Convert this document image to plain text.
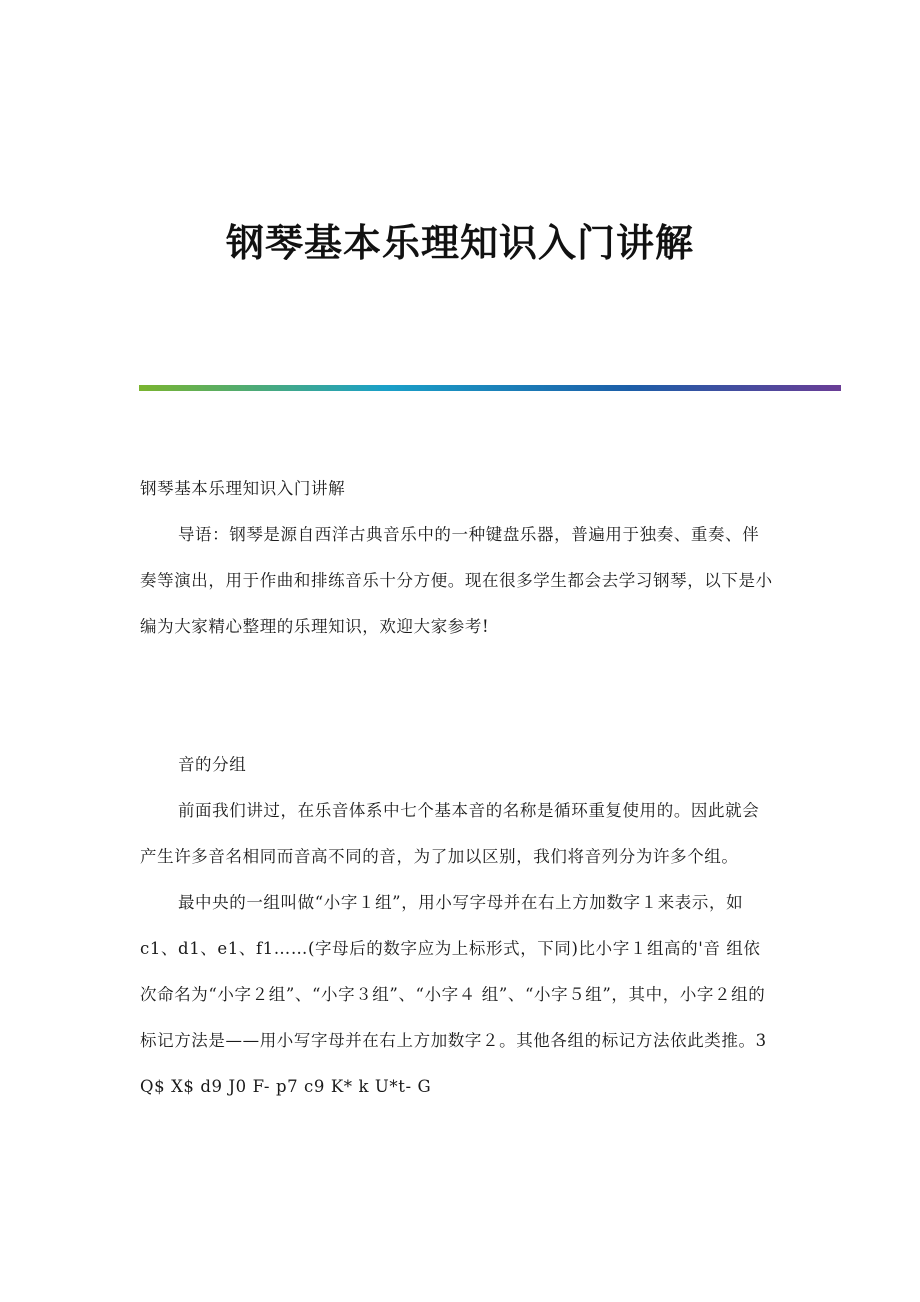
钢琴基本乐理知识入门讲解

钢琴基本乐理知识入门讲解

导语：钢琴是源自西洋古典音乐中的一种键盘乐器，普遍用于独奏、重奏、伴奏等演出，用于作曲和排练音乐十分方便。现在很多学生都会去学习钢琴，以下是小编为大家精心整理的乐理知识，欢迎大家参考!

音的分组

前面我们讲过，在乐音体系中七个基本音的名称是循环重复使用的。因此就会产生许多音名相同而音高不同的音，为了加以区别，我们将音列分为许多个组。

最中央的一组叫做“小字１组”，用小写字母并在右上方加数字１来表示，如c1、d1、e1、f1……(字母后的数字应为上标形式，下同)比小字１组高的'音 组依次命名为“小字２组”、“小字３组”、“小字４ 组”、“小字５组”，其中，小字２组的标记方法是——用小写字母并在右上方加数字２。其他各组的标记方法依此类推。3 Q$ X$ d9 J0 F- p7 c9 K* k U*t- G
